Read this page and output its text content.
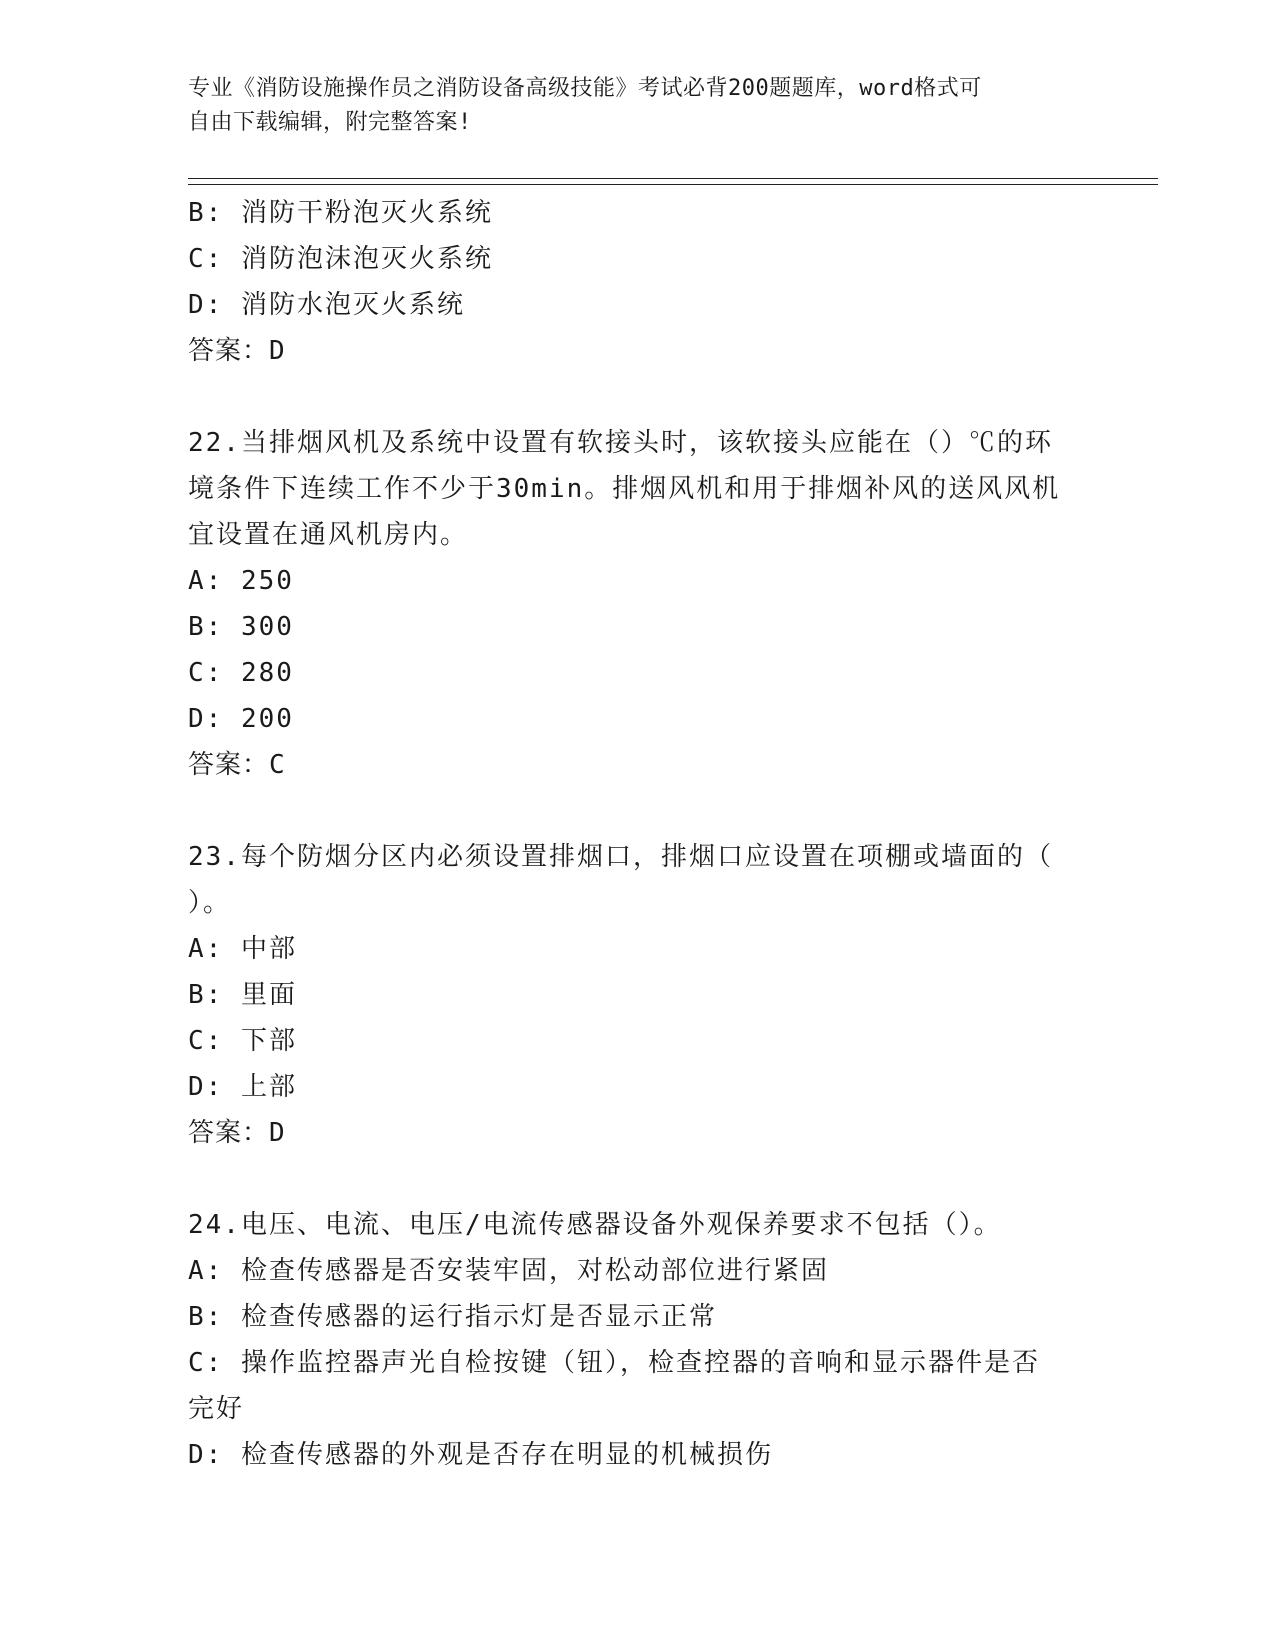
专业《消防设施操作员之消防设备高级技能》考试必背200题题库，word格式可
自由下载编辑，附完整答案!
B: 消防干粉泡灭火系统
C: 消防泡沫泡灭火系统
D: 消防水泡灭火系统
答案：D
22.当排烟风机及系统中设置有软接头时，该软接头应能在（）℃的环
境条件下连续工作不少于30min。排烟风机和用于排烟补风的送风风机
宜设置在通风机房内。
A: 250
B: 300
C: 280
D: 200
答案：C
23.每个防烟分区内必须设置排烟口，排烟口应设置在项棚或墙面的（
）。
A: 中部
B: 里面
C: 下部
D: 上部
答案：D
24.电压、电流、电压/电流传感器设备外观保养要求不包括（）。
A: 检查传感器是否安装牢固，对松动部位进行紧固
B: 检查传感器的运行指示灯是否显示正常
C: 操作监控器声光自检按键（钮），检查控器的音响和显示器件是否
完好
D: 检查传感器的外观是否存在明显的机械损伤
